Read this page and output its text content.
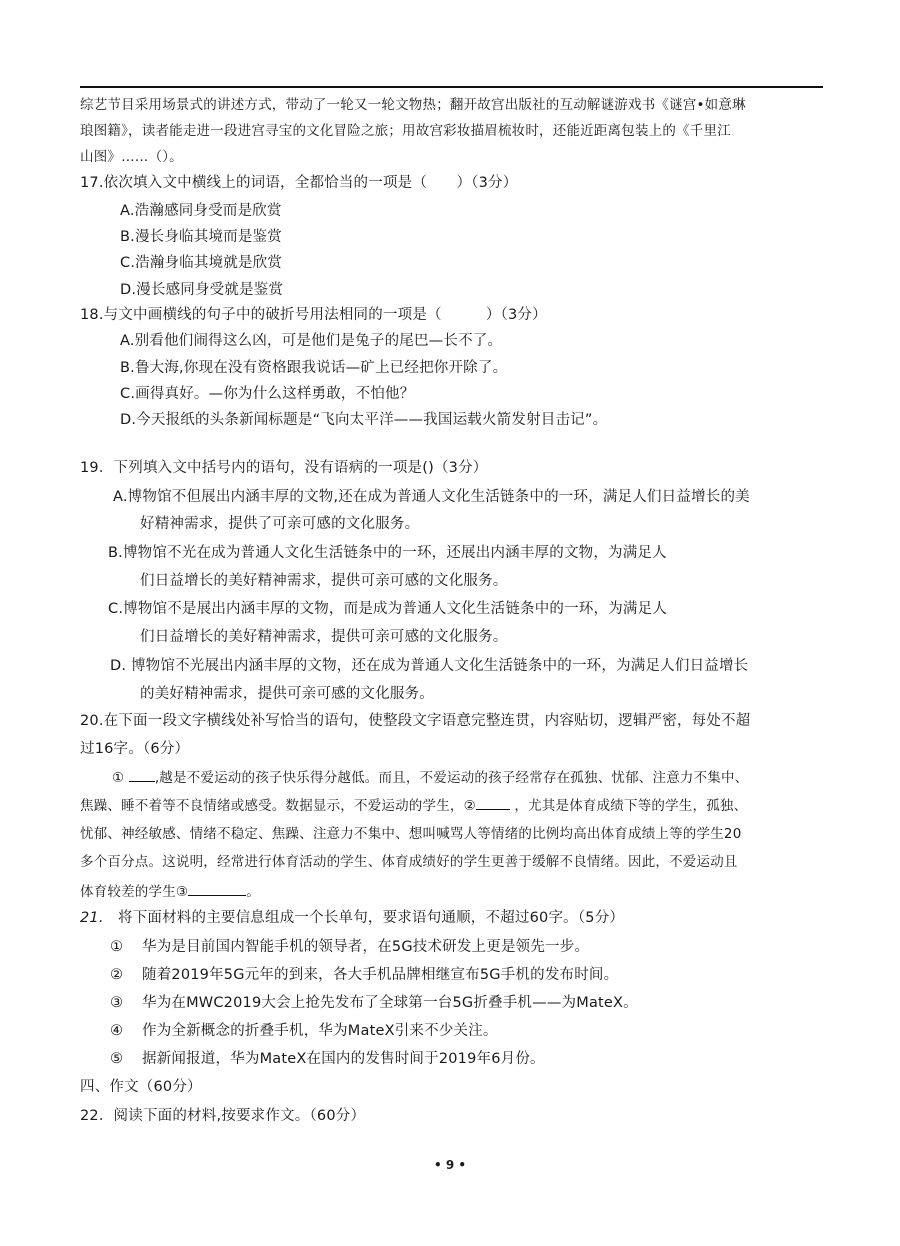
综艺节目采用场景式的讲述方式，带动了一轮又一轮文物热；翻开故宫出版社的互动解谜游戏书《谜宫•如意琳
琅图籍》，读者能走进一段进宫寻宝的文化冒险之旅；用故宫彩妆描眉梳妆时，还能近距离包装上的《千里江
山图》……（）。
17.依次填入文中横线上的词语，全都恰当的一项是（　　）（3分）
A.浩瀚感同身受而是欣赏
B.漫长身临其境而是鉴赏
C.浩瀚身临其境就是欣赏
D.漫长感同身受就是鉴赏
18.与文中画横线的句子中的破折号用法相同的一项是（　　　）（3分）
A.别看他们闹得这么凶，可是他们是兔子的尾巴—长不了。
B.鲁大海,你现在没有资格跟我说话—矿上已经把你开除了。
C.画得真好。—你为什么这样勇敢，不怕他？
D.今天报纸的头条新闻标题是“飞向太平洋——我国运载火箭发射目击记”。
19．下列填入文中括号内的语句，没有语病的一项是()（3分）
A.博物馆不但展出内涵丰厚的文物,还在成为普通人文化生活链条中的一环，满足人们日益增长的美
好精神需求，提供了可亲可感的文化服务。
B.博物馆不光在成为普通人文化生活链条中的一环，还展出内涵丰厚的文物，为满足人
们日益增长的美好精神需求，提供可亲可感的文化服务。
C.博物馆不是展出内涵丰厚的文物，而是成为普通人文化生活链条中的一环，为满足人
们日益增长的美好精神需求，提供可亲可感的文化服务。
D. 博物馆不光展出内涵丰厚的文物，还在成为普通人文化生活链条中的一环，为满足人们日益增长
的美好精神需求，提供可亲可感的文化服务。
20.在下面一段文字横线处补写恰当的语句，使整段文字语意完整连贯，内容贴切，逻辑严密，每处不超
过16字。（6分）
① ,越是不爱运动的孩子快乐得分越低。而且，不爱运动的孩子经常存在孤独、忧郁、注意力不集中、
焦躁、睡不着等不良情绪或感受。数据显示，不爱运动的学生，②	，尤其是体育成绩下等的学生，孤独、
忧郁、神经敏感、情绪不稳定、焦躁、注意力不集中、想叫喊骂人等情绪的比例均高出体育成绩上等的学生20
多个百分点。这说明，经常进行体育活动的学生、体育成绩好的学生更善于缓解不良情绪。因此，不爱运动且
体育较差的学生③	。
21. 将下面材料的主要信息组成一个长单句，要求语句通顺，不超过60字。（5分）
① 华为是目前国内智能手机的领导者，在5G技术研发上更是领先一步。
② 随着2019年5G元年的到来，各大手机品牌相继宣布5G手机的发布时间。
③ 华为在MWC2019大会上抢先发布了全球第一台5G折叠手机——为MateX。
④ 作为全新概念的折叠手机，华为MateX引来不少关注。
⑤ 据新闻报道，华为MateX在国内的发售时间于2019年6月份。
四、作文（60分）
22．阅读下面的材料,按要求作文。（60分）
• 9 •
